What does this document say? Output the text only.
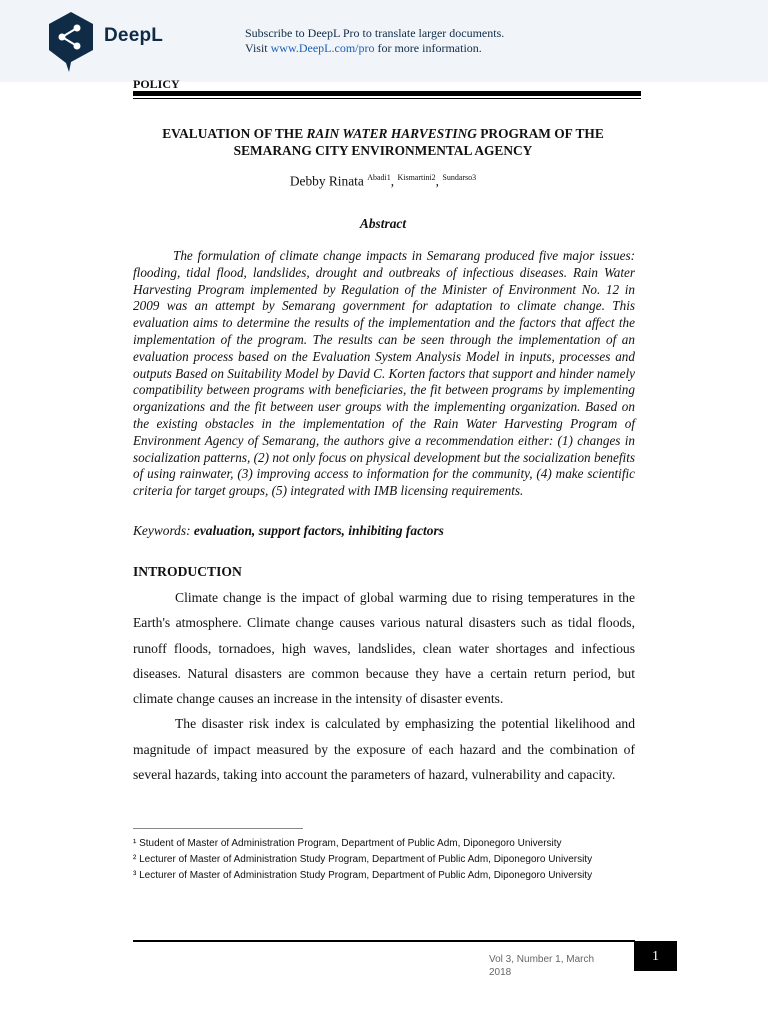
DeepL	Subscribe to DeepL Pro to translate larger documents.
Visit www.DeepL.com/pro for more information.
POLICY
EVALUATION OF THE RAIN WATER HARVESTING PROGRAM OF THE SEMARANG CITY ENVIRONMENTAL AGENCY
Debby Rinata $^{Abadi1}$, $^{Kismartini2}$, $^{Sundarso3}$
Abstract

The formulation of climate change impacts in Semarang produced five major issues: flooding, tidal flood, landslides, drought and outbreaks of infectious diseases. Rain Water Harvesting Program implemented by Regulation of the Minister of Environment No. 12 in 2009 was an attempt by Semarang government for adaptation to climate change. This evaluation aims to determine the results of the implementation and the factors that affect the implementation of the program. The results can be seen through the implementation of an evaluation process based on the Evaluation System Analysis Model in inputs, processes and outputs Based on Suitability Model by David C. Korten factors that support and hinder namely compatibility between programs with beneficiaries, the fit between programs by implementing organizations and the fit between user groups with the implementing organization. Based on the existing obstacles in the implementation of the Rain Water Harvesting Program of Environment Agency of Semarang, the authors give a recommendation either: (1) changes in socialization patterns, (2) not only focus on physical development but the socialization benefits of using rainwater, (3) improving access to information for the community, (4) make scientific criteria for target groups, (5) integrated with IMB licensing requirements.

Keywords: evaluation, support factors, inhibiting factors
INTRODUCTION

Climate change is the impact of global warming due to rising temperatures in the Earth's atmosphere. Climate change causes various natural disasters such as tidal floods, runoff floods, tornadoes, high waves, landslides, clean water shortages and infectious diseases. Natural disasters are common because they have a certain return period, but climate change causes an increase in the intensity of disaster events.

The disaster risk index is calculated by emphasizing the potential likelihood and magnitude of impact measured by the exposure of each hazard and the combination of several hazards, taking into account the parameters of hazard, vulnerability and capacity.

¹ Student of Master of Administration Program, Department of Public Adm, Diponegoro University
² Lecturer of Master of Administration Study Program, Department of Public Adm, Diponegoro University
³ Lecturer of Master of Administration Study Program, Department of Public Adm, Diponegoro University
Vol 3, Number 1, March 2018
1
